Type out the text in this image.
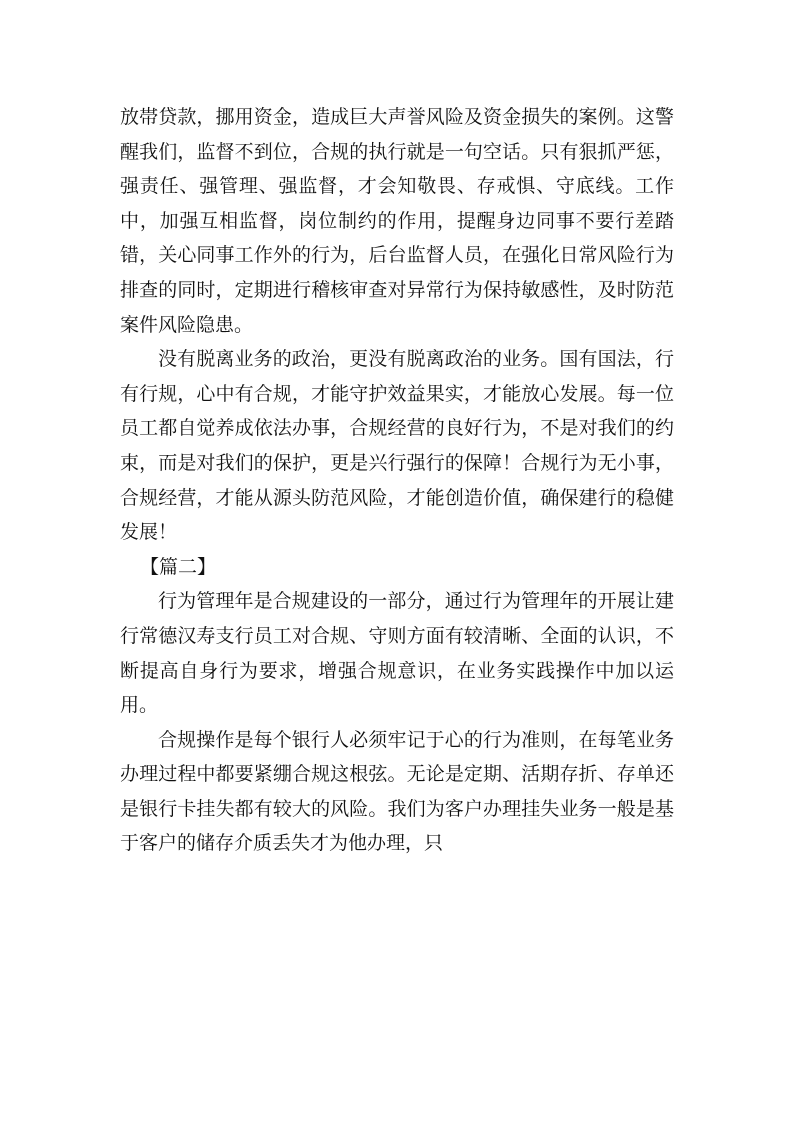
放帯贷款，挪用资金，造成巨大声誉风险及资金损失的案例。这警醒我们，监督不到位，合规的执行就是一句空话。只有狠抓严惩，强责任、强管理、强监督，才会知敬畏、存戒惧、守底线。工作中，加强互相监督，岗位制约的作用，提醒身边同事不要行差踏错，关心同事工作外的行为，后台监督人员，在强化日常风险行为排查的同时，定期进行稽核审查对异常行为保持敏感性，及时防范案件风险隐患。

没有脱离业务的政治，更没有脱离政治的业务。国有国法，行有行规，心中有合规，才能守护效益果实，才能放心发展。每一位员工都自觉养成依法办事，合规经营的良好行为，不是对我们的约束，而是对我们的保护，更是兴行强行的保障！合规行为无小事，合规经营，才能从源头防范风险，才能创造价值，确保建行的稳健发展！

【篇二】

行为管理年是合规建设的一部分，通过行为管理年的开展让建行常德汉寿支行员工对合规、守则方面有较清晰、全面的认识，不断提高自身行为要求，增强合规意识，在业务实践操作中加以运用。

合规操作是每个银行人必须牢记于心的行为准则，在每笔业务办理过程中都要紧绷合规这根弦。无论是定期、活期存折、存单还是银行卡挂失都有较大的风险。我们为客户办理挂失业务一般是基于客户的储存介质丢失才为他办理，只
